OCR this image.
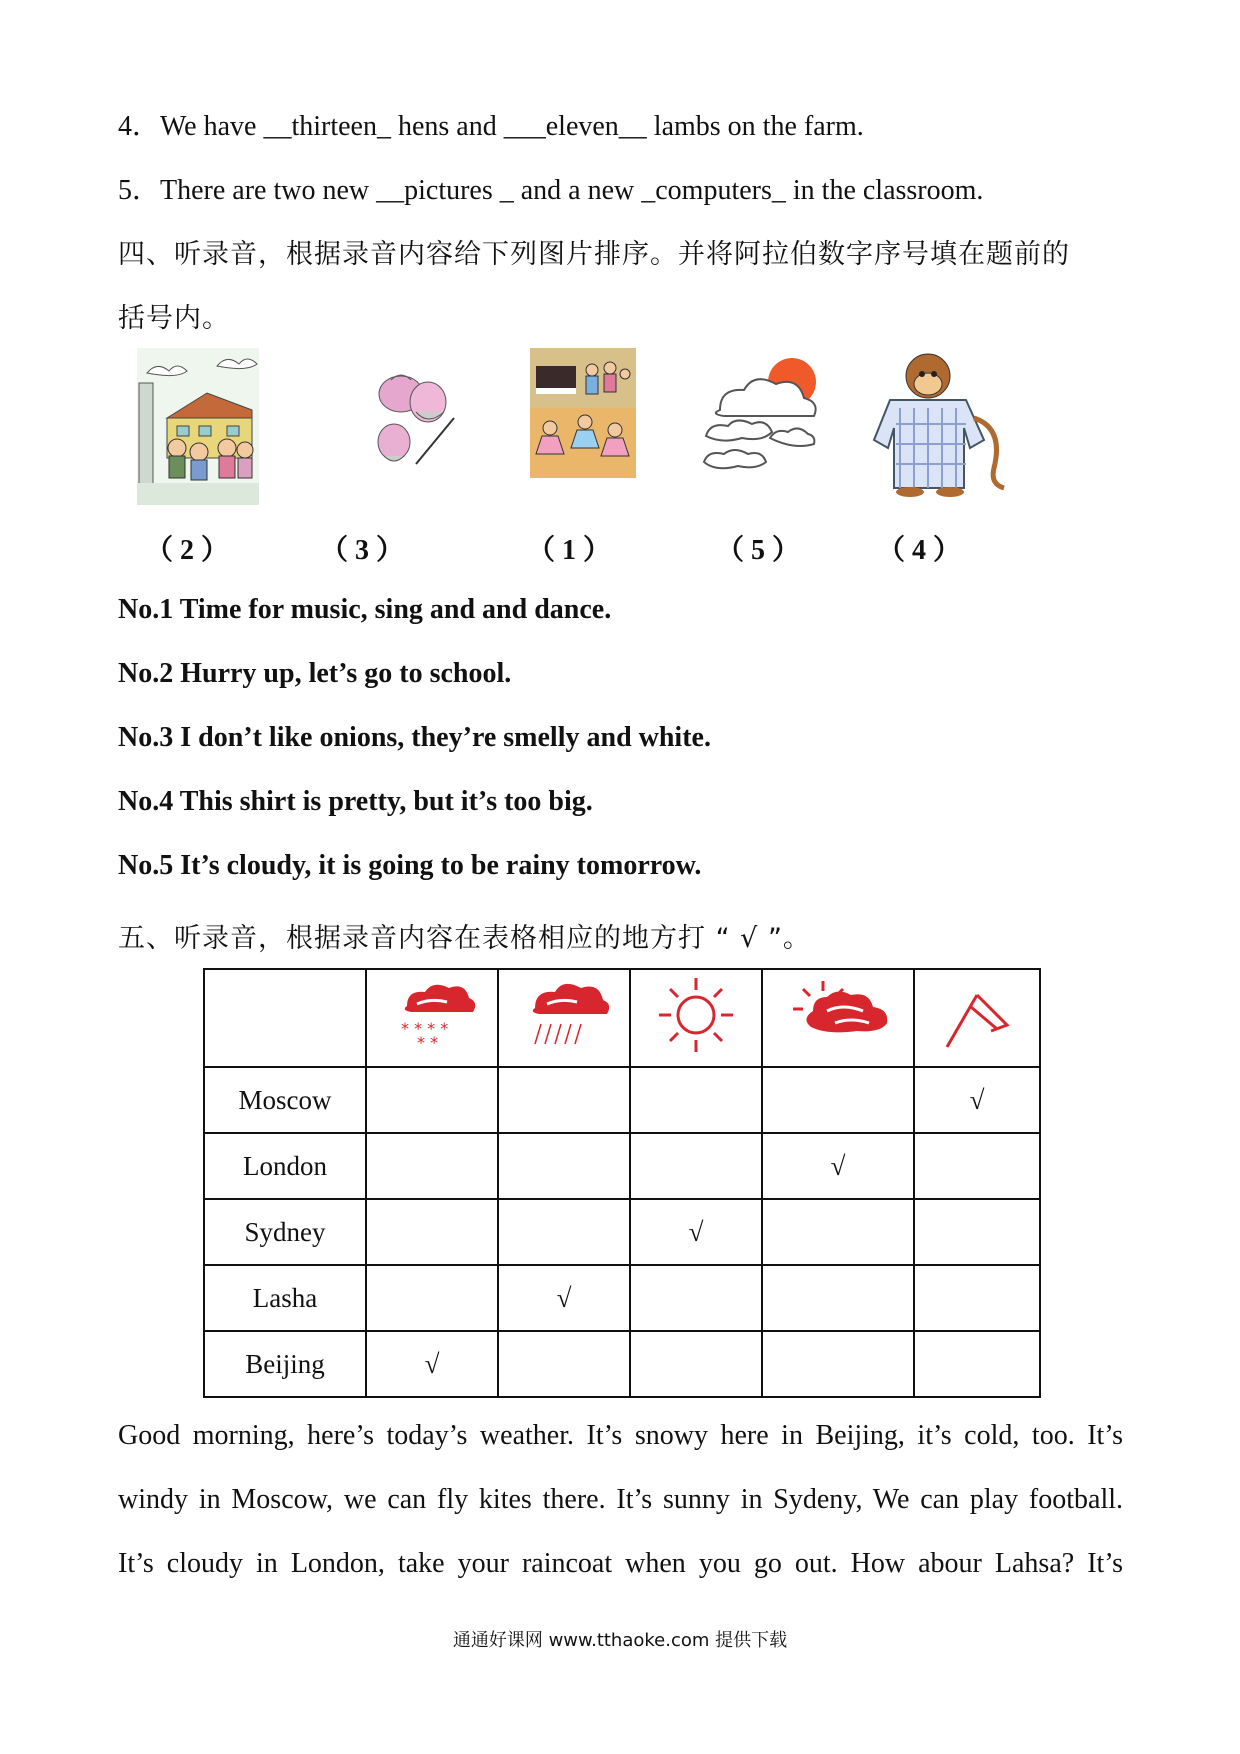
4．We have __thirteen_ hens and ___eleven__ lambs on the farm.
5．There are two new __pictures _ and a new _computers_ in the classroom.
四、听录音，根据录音内容给下列图片排序。并将阿拉伯数字序号填在题前的
括号内。
（ 2 ）	（ 3 ）	（ 1 ）	（ 5 ）	（ 4 ）
No.1 Time for music, sing and and dance.
No.2 Hurry up, let’s go to school.
No.3 I don’t like onions, they’re smelly and white.
No.4 This shirt is pretty, but it’s too big.
No.5 It’s cloudy, it is going to be rainy tomorrow.
五、听录音，根据录音内容在表格相应的地方打 “ √ ”。

* * * *
* *

Moscow					√
London				√	
Sydney			√		
Lasha		√			
Beijing	√				
Good morning, here’s today’s weather. It’s snowy here in Beijing, it’s cold, too. It’s
windy in Moscow, we can fly kites there. It’s sunny in Sydeny, We can play football.
It’s cloudy in London, take your raincoat when you go out. How abour Lahsa? It’s
通通好课网 www.tthaoke.com 提供下载
